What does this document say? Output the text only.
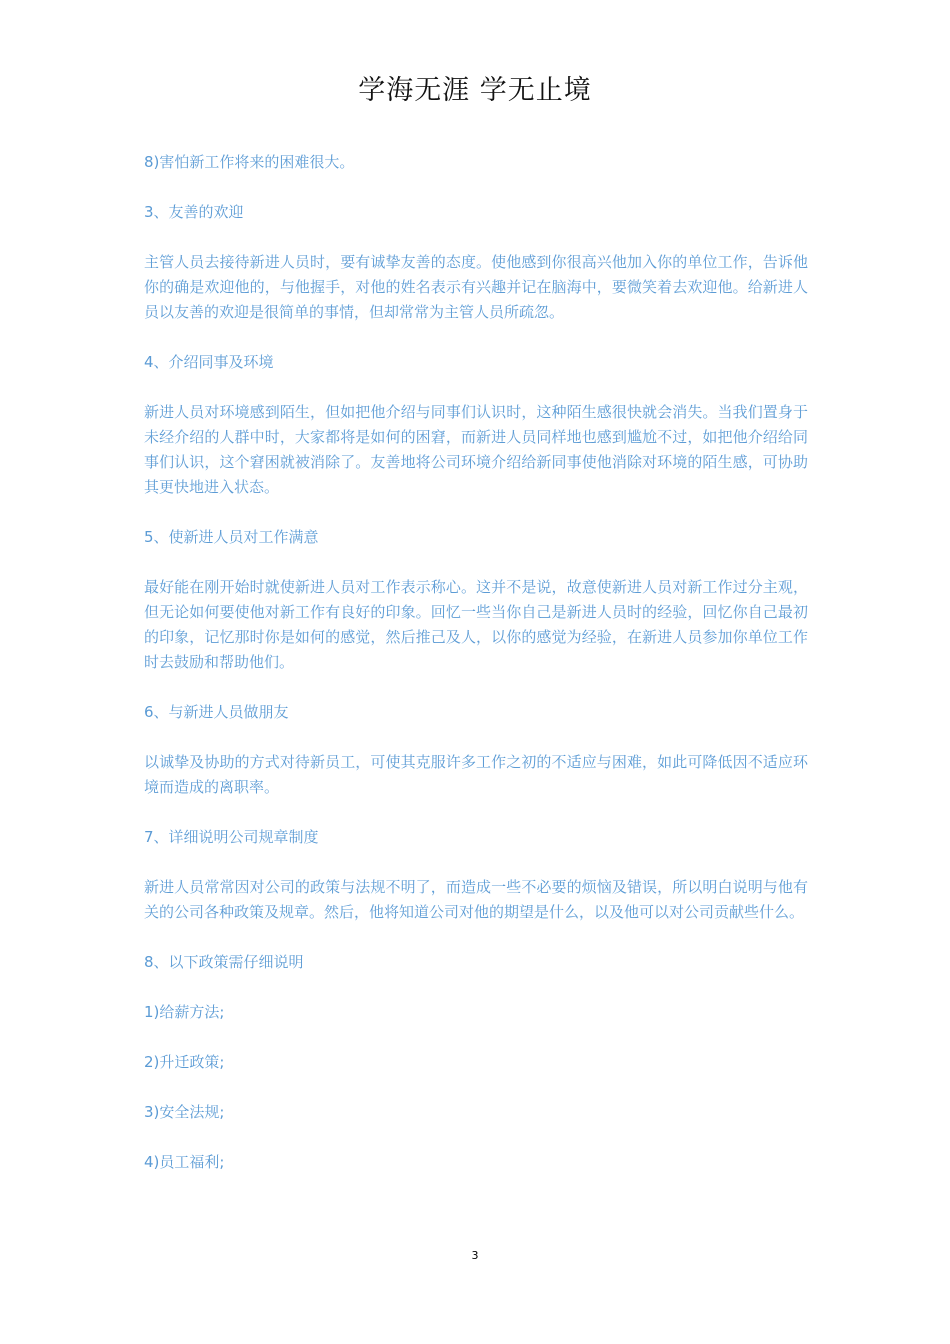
学海无涯 学无止境

8)害怕新工作将来的困难很大。

3、友善的欢迎

主管人员去接待新进人员时，要有诚挚友善的态度。使他感到你很高兴他加入你的单位工作，告诉他你的确是欢迎他的，与他握手，对他的姓名表示有兴趣并记在脑海中，要微笑着去欢迎他。给新进人员以友善的欢迎是很简单的事情，但却常常为主管人员所疏忽。

4、介绍同事及环境

新进人员对环境感到陌生，但如把他介绍与同事们认识时，这种陌生感很快就会消失。当我们置身于未经介绍的人群中时，大家都将是如何的困窘，而新进人员同样地也感到尴尬不过，如把他介绍给同事们认识，这个窘困就被消除了。友善地将公司环境介绍给新同事使他消除对环境的陌生感，可协助其更快地进入状态。

5、使新进人员对工作满意

最好能在刚开始时就使新进人员对工作表示称心。这并不是说，故意使新进人员对新工作过分主观，但无论如何要使他对新工作有良好的印象。回忆一些当你自己是新进人员时的经验，回忆你自己最初的印象，记忆那时你是如何的感觉，然后推己及人，以你的感觉为经验，在新进人员参加你单位工作时去鼓励和帮助他们。

6、与新进人员做朋友

以诚挚及协助的方式对待新员工，可使其克服许多工作之初的不适应与困难，如此可降低因不适应环境而造成的离职率。

7、详细说明公司规章制度

新进人员常常因对公司的政策与法规不明了，而造成一些不必要的烦恼及错误，所以明白说明与他有关的公司各种政策及规章。然后，他将知道公司对他的期望是什么，以及他可以对公司贡献些什么。

8、以下政策需仔细说明

1)给薪方法;

2)升迁政策;

3)安全法规;

4)员工福利;

3
